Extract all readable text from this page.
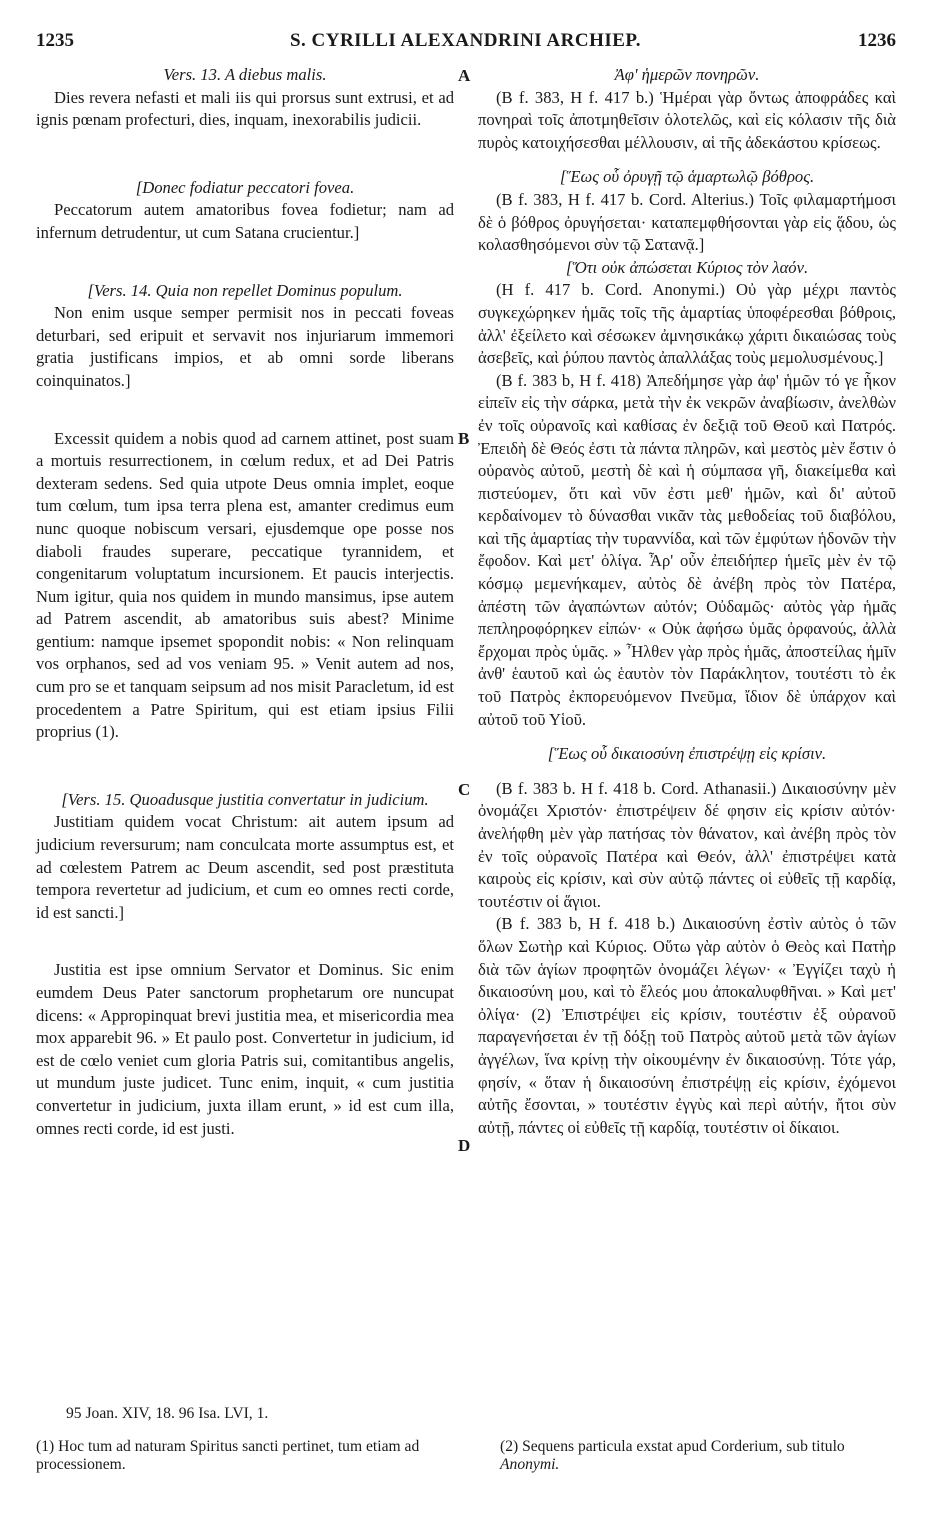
1235	S. CYRILLI ALEXANDRINI ARCHIEP.	1236
A
B
C
D

Vers. 13. A diebus malis.

Dies revera nefasti et mali iis qui prorsus sunt extrusi, et ad ignis pœnam profecturi, dies, inquam, inexorabilis judicii.

[Donec fodiatur peccatori fovea.

Peccatorum autem amatoribus fovea fodietur; nam ad infernum detrudentur, ut cum Satana crucientur.]

[Vers. 14. Quia non repellet Dominus populum.

Non enim usque semper permisit nos in peccati foveas deturbari, sed eripuit et servavit nos injuriarum immemori gratia justificans impios, et ab omni sorde liberans coinquinatos.]

Excessit quidem a nobis quod ad carnem attinet, post suam a mortuis resurrectionem, in cœlum redux, et ad Dei Patris dexteram sedens. Sed quia utpote Deus omnia implet, eoque tum cœlum, tum ipsa terra plena est, amanter credimus eum nunc quoque nobiscum versari, ejusdemque ope posse nos diaboli fraudes superare, peccatique tyrannidem, et congenitarum voluptatum incursionem. Et paucis interjectis. Num igitur, quia nos quidem in mundo mansimus, ipse autem ad Patrem ascendit, ab amatoribus suis abest? Minime gentium: namque ipsemet spopondit nobis: « Non relinquam vos orphanos, sed ad vos veniam 95. » Venit autem ad nos, cum pro se et tanquam seipsum ad nos misit Paracletum, id est procedentem a Patre Spiritum, qui est etiam ipsius Filii proprius (1).

[Vers. 15. Quoadusque justitia convertatur in judicium.

Justitiam quidem vocat Christum: ait autem ipsum ad judicium reversurum; nam conculcata morte assumptus est, et ad cœlestem Patrem ac Deum ascendit, sed post præstituta tempora revertetur ad judicium, et cum eo omnes recti corde, id est sancti.]

Justitia est ipse omnium Servator et Dominus. Sic enim eumdem Deus Pater sanctorum prophetarum ore nuncupat dicens: « Appropinquat brevi justitia mea, et misericordia mea mox apparebit 96. » Et paulo post. Convertetur in judicium, id est de cœlo veniet cum gloria Patris sui, comitantibus angelis, ut mundum juste judicet. Tunc enim, inquit, « cum justitia convertetur in judicium, juxta illam erunt, » id est cum illa, omnes recti corde, id est justi.

Ἀφ' ἡμερῶν πονηρῶν.

(B f. 383, H f. 417 b.) Ἡμέραι γὰρ ὄντως ἀποφράδες καὶ πονηραὶ τοῖς ἀποτμηθεῖσιν ὁλοτελῶς, καὶ εἰς κόλασιν τῆς διὰ πυρὸς κατοιχήσεσθαι μέλλουσιν, αἱ τῆς ἀδεκάστου κρίσεως.

[Ἕως οὗ ὀρυγῇ τῷ ἁμαρτωλῷ βόθρος.

(B f. 383, H f. 417 b. Cord. Alterius.) Τοῖς φιλαμαρτήμοσι δὲ ὁ βόθρος ὀρυγήσεται· καταπεμφθήσονται γὰρ εἰς ᾅδου, ὡς κολασθησόμενοι σὺν τῷ Σατανᾷ.]

[Ὅτι οὐκ ἀπώσεται Κύριος τὸν λαόν.

(H f. 417 b. Cord. Anonymi.) Οὐ γὰρ μέχρι παντὸς συγκεχώρηκεν ἡμᾶς τοῖς τῆς ἁμαρτίας ὑποφέρεσθαι βόθροις, ἀλλ' ἐξείλετο καὶ σέσωκεν ἀμνησικάκῳ χάριτι δικαιώσας τοὺς ἀσεβεῖς, καὶ ῥύπου παντὸς ἀπαλλάξας τοὺς μεμολυσμένους.]

(B f. 383 b, H f. 418) Ἀπεδήμησε γὰρ ἀφ' ἡμῶν τό γε ἧκον εἰπεῖν εἰς τὴν σάρκα, μετὰ τὴν ἐκ νεκρῶν ἀναβίωσιν, ἀνελθὼν ἐν τοῖς οὐρανοῖς καὶ καθίσας ἐν δεξιᾷ τοῦ Θεοῦ καὶ Πατρός. Ἐπειδὴ δὲ Θεός ἐστι τὰ πάντα πληρῶν, καὶ μεστὸς μὲν ἔστιν ὁ οὐρανὸς αὐτοῦ, μεστὴ δὲ καὶ ἡ σύμπασα γῆ, διακείμεθα καὶ πιστεύομεν, ὅτι καὶ νῦν ἐστι μεθ' ἡμῶν, καὶ δι' αὐτοῦ κερδαίνομεν τὸ δύνασθαι νικᾶν τὰς μεθοδείας τοῦ διαβόλου, καὶ τῆς ἁμαρτίας τὴν τυραννίδα, καὶ τῶν ἐμφύτων ἡδονῶν τὴν ἔφοδον. Καὶ μετ' ὀλίγα. Ἆρ' οὖν ἐπειδήπερ ἡμεῖς μὲν ἐν τῷ κόσμῳ μεμενήκαμεν, αὐτὸς δὲ ἀνέβη πρὸς τὸν Πατέρα, ἀπέστη τῶν ἀγαπώντων αὐτόν; Οὐδαμῶς· αὐτὸς γὰρ ἡμᾶς πεπληροφόρηκεν εἰπών· « Οὐκ ἀφήσω ὑμᾶς ὀρφανούς, ἀλλὰ ἔρχομαι πρὸς ὑμᾶς. » Ἦλθεν γὰρ πρὸς ἡμᾶς, ἀποστείλας ἡμῖν ἀνθ' ἑαυτοῦ καὶ ὡς ἑαυτὸν τὸν Παράκλητον, τουτέστι τὸ ἐκ τοῦ Πατρὸς ἐκπορευόμενον Πνεῦμα, ἴδιον δὲ ὑπάρχον καὶ αὐτοῦ τοῦ Υἱοῦ.

[Ἕως οὗ δικαιοσύνη ἐπιστρέψῃ εἰς κρίσιν.

(B f. 383 b. H f. 418 b. Cord. Athanasii.) Δικαιοσύνην μὲν ὀνομάζει Χριστόν· ἐπιστρέψειν δέ φησιν εἰς κρίσιν αὐτόν· ἀνελήφθη μὲν γὰρ πατήσας τὸν θάνατον, καὶ ἀνέβη πρὸς τὸν ἐν τοῖς οὐρανοῖς Πατέρα καὶ Θεόν, ἀλλ' ἐπιστρέψει κατὰ καιροὺς εἰς κρίσιν, καὶ σὺν αὐτῷ πάντες οἱ εὐθεῖς τῇ καρδίᾳ, τουτέστιν οἱ ἅγιοι.

(B f. 383 b, H f. 418 b.) Δικαιοσύνη ἐστὶν αὐτὸς ὁ τῶν ὅλων Σωτὴρ καὶ Κύριος. Οὕτω γὰρ αὐτὸν ὁ Θεὸς καὶ Πατὴρ διὰ τῶν ἁγίων προφητῶν ὀνομάζει λέγων· « Ἐγγίζει ταχὺ ἡ δικαιοσύνη μου, καὶ τὸ ἔλεός μου ἀποκαλυφθῆναι. » Καὶ μετ' ὀλίγα· (2) Ἐπιστρέψει εἰς κρίσιν, τουτέστιν ἐξ οὐρανοῦ παραγενήσεται ἐν τῇ δόξῃ τοῦ Πατρὸς αὐτοῦ μετὰ τῶν ἁγίων ἀγγέλων, ἵνα κρίνῃ τὴν οἰκουμένην ἐν δικαιοσύνῃ. Τότε γάρ, φησίν, « ὅταν ἡ δικαιοσύνη ἐπιστρέψῃ εἰς κρίσιν, ἐχόμενοι αὐτῆς ἔσονται, » τουτέστιν ἐγγὺς καὶ περὶ αὐτήν, ἤτοι σὺν αὐτῇ, πάντες οἱ εὐθεῖς τῇ καρδίᾳ, τουτέστιν οἱ δίκαιοι.

95 Joan. XIV, 18. 96 Isa. LVI, 1.
(1) Hoc tum ad naturam Spiritus sancti pertinet, tum etiam ad processionem.
(2) Sequens particula exstat apud Corderium, sub titulo Anonymi.
